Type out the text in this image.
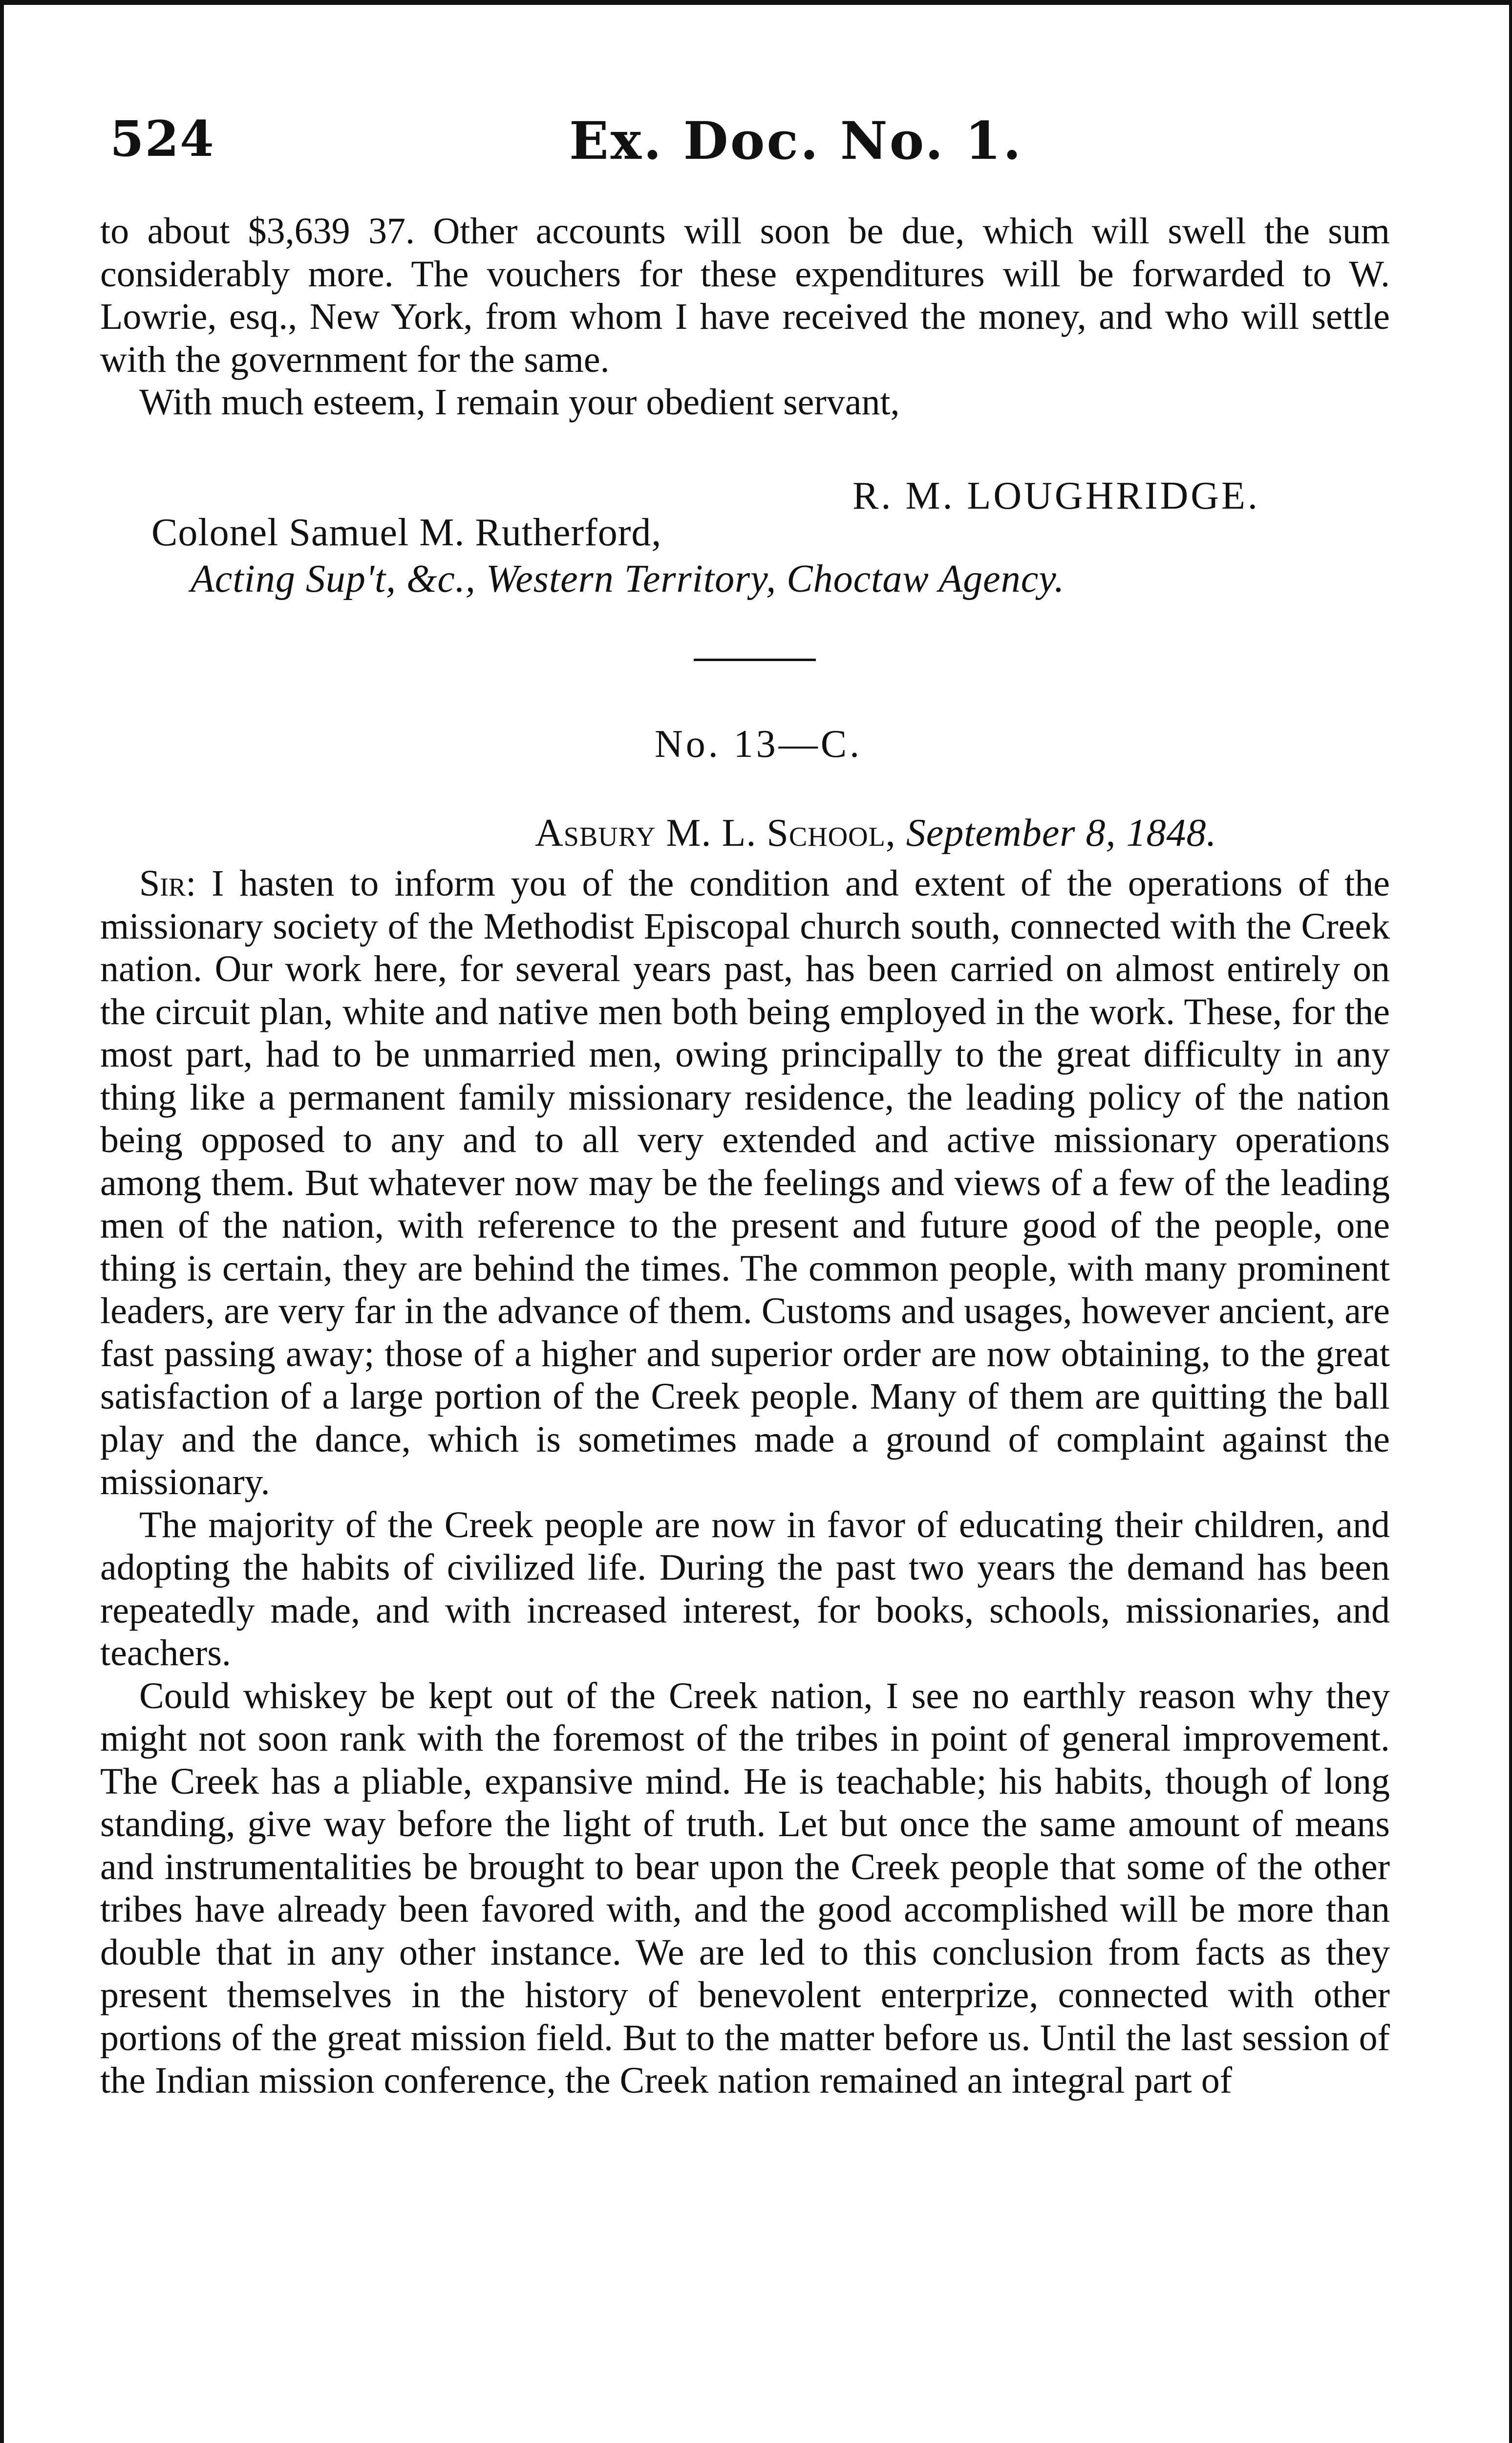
524	Ex. Doc. No. 1.

to about $3,639 37. Other accounts will soon be due, which will swell the sum considerably more. The vouchers for these expenditures will be forwarded to W. Lowrie, esq., New York, from whom I have received the money, and who will settle with the government for the same.

With much esteem, I remain your obedient servant,

R. M. LOUGHRIDGE.
Colonel Samuel M. Rutherford,
Acting Sup't, &c., Western Territory, Choctaw Agency.
No. 13—C.
Asbury M. L. School, September 8, 1848.

Sir: I hasten to inform you of the condition and extent of the operations of the missionary society of the Methodist Episcopal church south, connected with the Creek nation. Our work here, for several years past, has been carried on almost entirely on the circuit plan, white and native men both being employed in the work. These, for the most part, had to be unmarried men, owing principally to the great difficulty in any thing like a permanent family missionary residence, the leading policy of the nation being opposed to any and to all very extended and active missionary operations among them. But whatever now may be the feelings and views of a few of the leading men of the nation, with reference to the present and future good of the people, one thing is certain, they are behind the times. The common people, with many prominent leaders, are very far in the advance of them. Customs and usages, however ancient, are fast passing away; those of a higher and superior order are now obtaining, to the great satisfaction of a large portion of the Creek people. Many of them are quitting the ball play and the dance, which is sometimes made a ground of complaint against the missionary.

The majority of the Creek people are now in favor of educating their children, and adopting the habits of civilized life. During the past two years the demand has been repeatedly made, and with increased interest, for books, schools, missionaries, and teachers.

Could whiskey be kept out of the Creek nation, I see no earthly reason why they might not soon rank with the foremost of the tribes in point of general improvement. The Creek has a pliable, expansive mind. He is teachable; his habits, though of long standing, give way before the light of truth. Let but once the same amount of means and instrumentalities be brought to bear upon the Creek people that some of the other tribes have already been favored with, and the good accomplished will be more than double that in any other instance. We are led to this conclusion from facts as they present themselves in the history of benevolent enterprize, connected with other portions of the great mission field. But to the matter before us. Until the last session of the Indian mission conference, the Creek nation remained an integral part of
